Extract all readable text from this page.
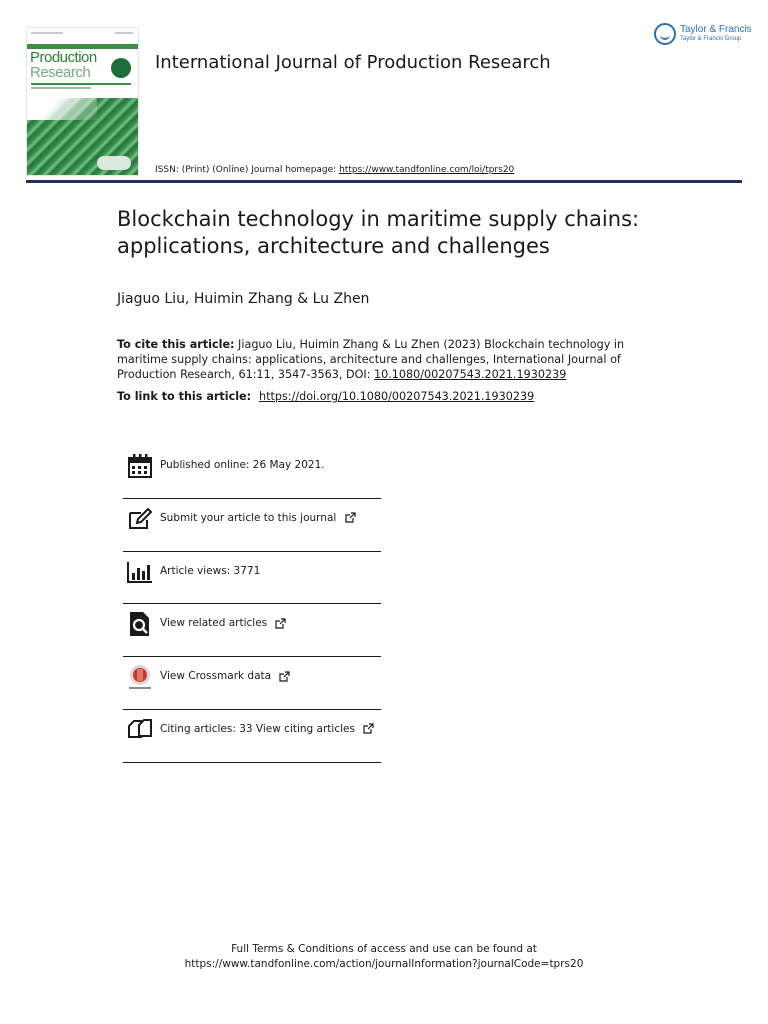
Production
Research	International Journal of Production Research
Taylor & Francis
Taylor & Francis Group
ISSN: (Print) (Online) Journal homepage: https://www.tandfonline.com/loi/tprs20
Blockchain technology in maritime supply chains:
applications, architecture and challenges
Jiaguo Liu, Huimin Zhang & Lu Zhen
To cite this article: Jiaguo Liu, Huimin Zhang & Lu Zhen (2023) Blockchain technology in
maritime supply chains: applications, architecture and challenges, International Journal of
Production Research, 61:11, 3547-3563, DOI: 10.1080/00207543.2021.1930239
To link to this article: https://doi.org/10.1080/00207543.2021.1930239
Published online: 26 May 2021.
Submit your article to this journal
Article views: 3771
View related articles
View Crossmark data
Citing articles: 33 View citing articles
Full Terms & Conditions of access and use can be found at
https://www.tandfonline.com/action/journalInformation?journalCode=tprs20
